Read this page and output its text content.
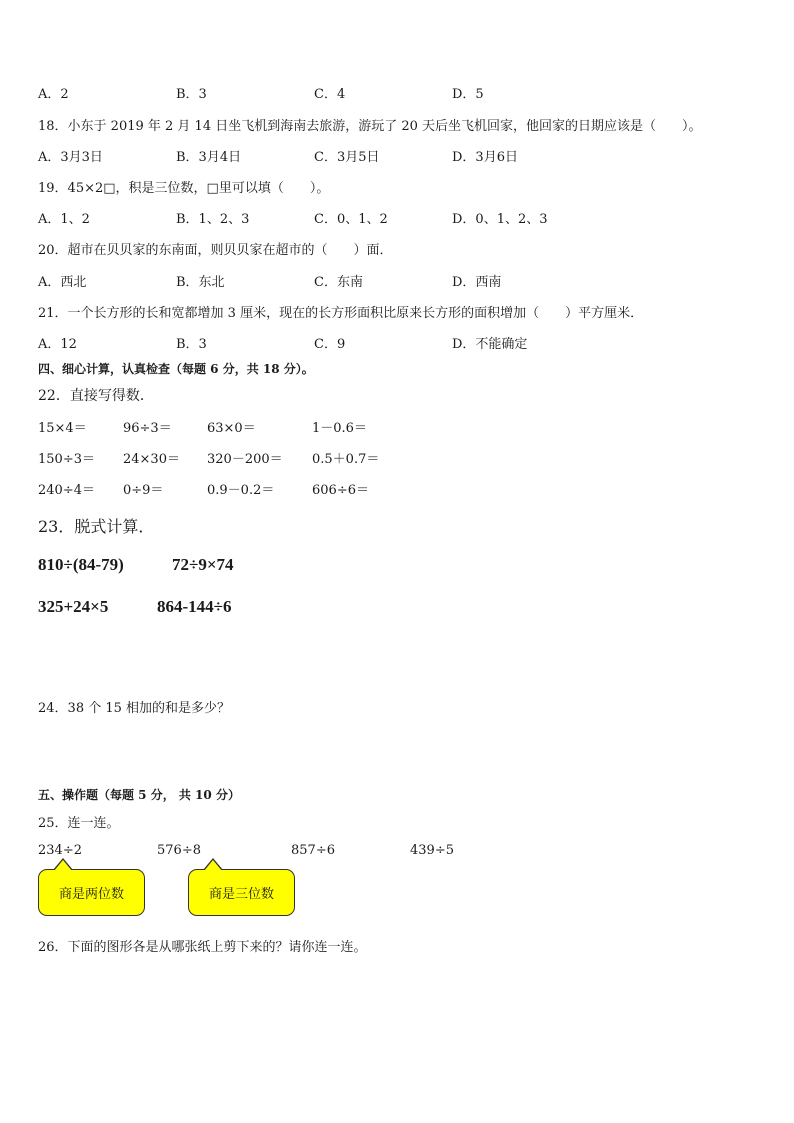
A．2	B．3	C．4	D．5
18．小东于 2019 年 2 月 14 日坐飞机到海南去旅游，游玩了 20 天后坐飞机回家，他回家的日期应该是（　　）。
A．3月3日	B．3月4日	C．3月5日	D．3月6日
19．45×2□，积是三位数，□里可以填（　　）。
A．1、2	B．1、2、3	C．0、1、2	D．0、1、2、3
20．超市在贝贝家的东南面，则贝贝家在超市的（　　）面．
A．西北	B．东北	C．东南	D．西南
21．一个长方形的长和宽都增加 3 厘米，现在的长方形面积比原来长方形的面积增加（　　）平方厘米．
A．12	B．3	C．9	D．不能确定
四、细心计算，认真检查（每题 6 分，共 18 分）。
22．直接写得数．
15×4＝	96÷3＝	63×0＝	1－0.6＝
150÷3＝ 24×30＝ 320－200＝ 0.5＋0.7＝
240÷4＝ 0÷9＝	0.9－0.2＝	606÷6＝
23．脱式计算．
810÷(84-79)	72÷9×74
325+24×5	864-144÷6
24．38 个 15 相加的和是多少？
五、操作题（每题 5 分， 共 10 分）
25．连一连。
234÷2	576÷8	857÷6	439÷5
商是两位数	商是三位数
26．下面的图形各是从哪张纸上剪下来的？请你连一连。
